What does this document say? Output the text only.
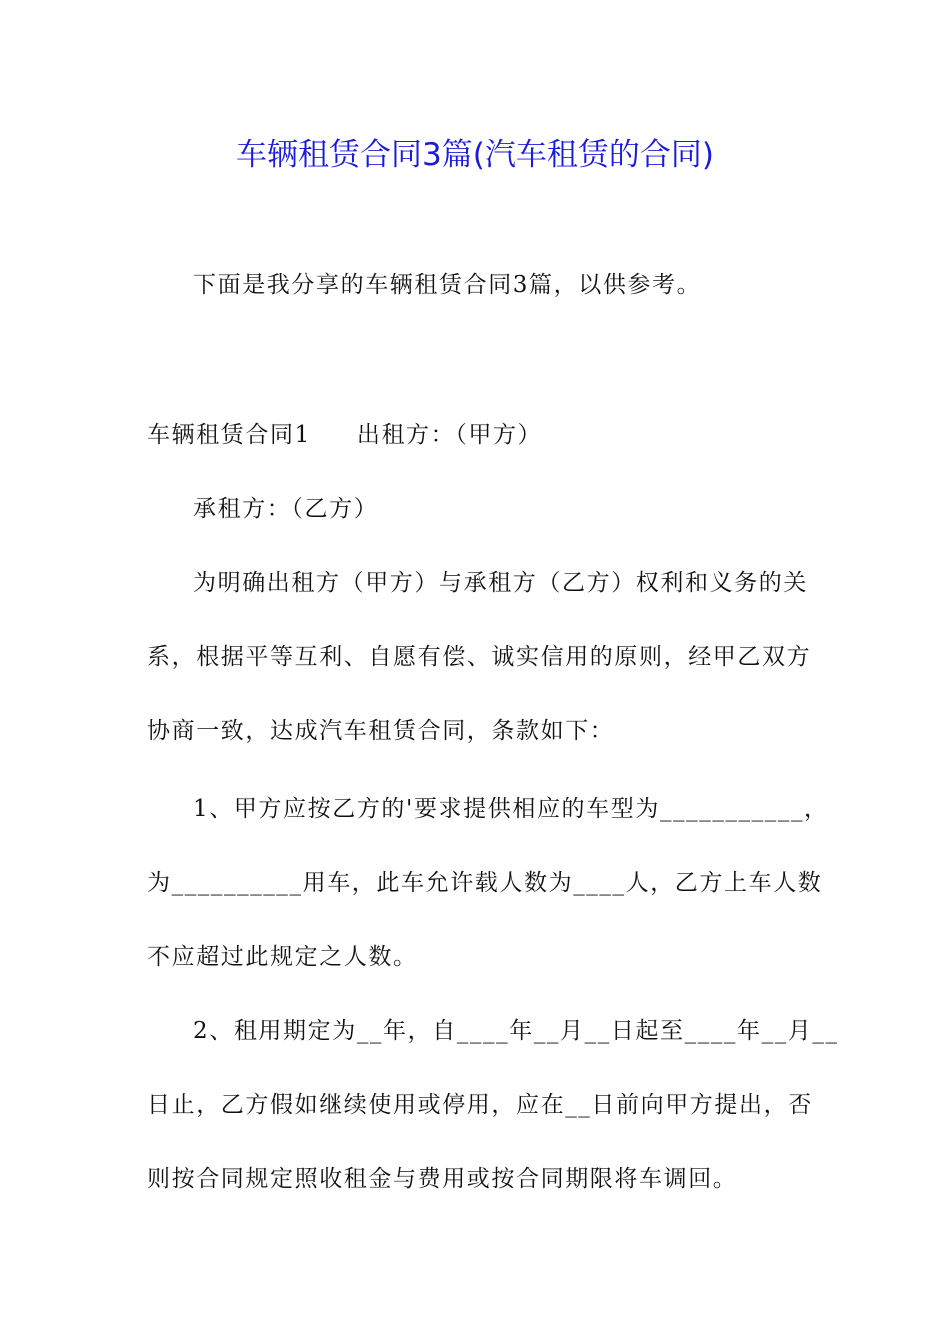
车辆租赁合同3篇(汽车租赁的合同)
下面是我分享的车辆租赁合同3篇，以供参考。
车辆租赁合同1 出租方：（甲方）
承租方：（乙方）
为明确出租方（甲方）与承租方（乙方）权利和义务的关
系，根据平等互利、自愿有偿、诚实信用的原则，经甲乙双方
协商一致，达成汽车租赁合同，条款如下：
1、甲方应按乙方的'要求提供相应的车型为___________，
为__________用车，此车允许载人数为____人，乙方上车人数
不应超过此规定之人数。
2、租用期定为__年，自____年__月__日起至____年__月__
日止，乙方假如继续使用或停用，应在__日前向甲方提出，否
则按合同规定照收租金与费用或按合同期限将车调回。
